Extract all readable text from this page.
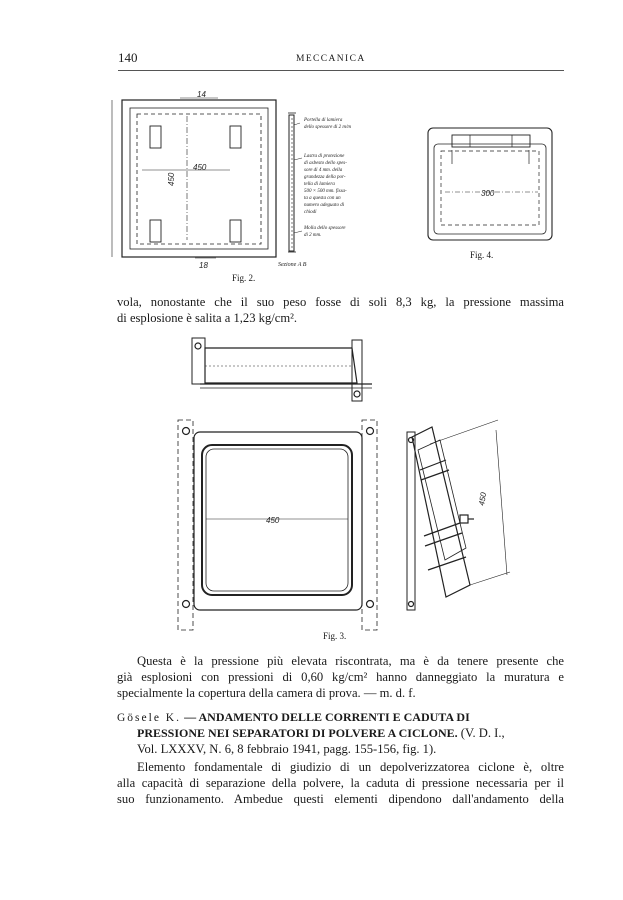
140	MECCANICA
14
450
450
18	Sezione A B
Portella di lamiera
dello spessore di 2 m/m
Lastra di protezione
di asbesto dello spes-
sore di 4 mm. della
grandezza della por-
tella di lamiera
500 × 500 mm. fissa-
ta a questa con un
numero adeguato di
chiodi
Molla dello spessore
di 2 mm.
300
450
450
Fig. 2.
Fig. 4.
Fig. 3.
vola, nonostante che il suo peso fosse di soli 8,3 kg, la pressione massima
di esplosione è salita a 1,23 kg/cm².
Questa è la pressione più elevata riscontrata, ma è da tenere presente che
già esplosioni con pressioni di 0,60 kg/cm² hanno danneggiato la muratura e
specialmente la copertura della camera di prova. — m. d. f.
Gösele K. — ANDAMENTO DELLE CORRENTI E CADUTA DI
PRESSIONE NEI SEPARATORI DI POLVERE A CICLONE. (V. D. I.,
Vol. LXXXV, N. 6, 8 febbraio 1941, pagg. 155-156, fig. 1).
Elemento fondamentale di giudizio di un depolverizzatorea ciclone è, oltre
alla capacità di separazione della polvere, la caduta di pressione necessaria per il
suo funzionamento. Ambedue questi elementi dipendono dall'andamento della
